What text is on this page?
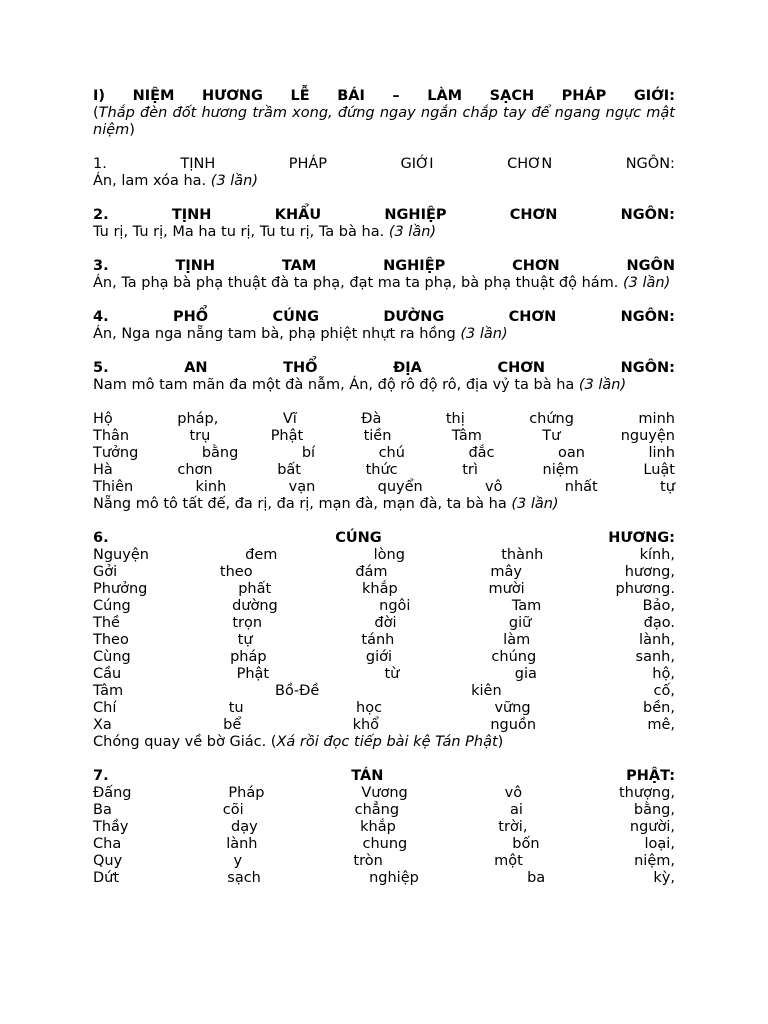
I) NIỆM HƯƠNG LỄ BÁI – LÀM SẠCH PHÁP GIỚI:
(Thắp đèn đốt hương trầm xong, đứng ngay ngắn chắp tay để ngang ngực mật niệm)
1.	TỊNH	PHÁP	GIỚI	CHƠN	NGÔN:
Án, lam xóa ha. (3 lần)
2.	TỊNH	KHẨU	NGHIỆP	CHƠN	NGÔN:
Tu rị, Tu rị, Ma ha tu rị, Tu tu rị, Ta bà ha. (3 lần)
3.	TỊNH	TAM	NGHIỆP	CHƠN	NGÔN
Án, Ta phạ bà phạ thuật đà ta phạ, đạt ma ta phạ, bà phạ thuật độ hám. (3 lần)
4.	PHỔ	CÚNG	DƯỜNG	CHƠN	NGÔN:
Án, Nga nga nẵng tam bà, phạ phiệt nhựt ra hồng (3 lần)
5.	AN	THỔ	ĐỊA	CHƠN	NGÔN:
Nam mô tam mãn đa một đà nẫm, Án, độ rô độ rô, địa vỷ ta bà ha (3 lần)
Hộ	pháp,	Vĩ	Đà	thị	chứng	minh
Thân	trụ	Phật	tiền	Tâm	Tư	nguyện
Tưởng	bằng	bí	chú	đắc	oan	linh
Hà	chơn	bất	thức	trì	niệm	Luật
Thiên	kinh	vạn	quyển	vô	nhất	tự
Nẵng mô tô tất đế, đa rị, đa rị, mạn đà, mạn đà, ta bà ha (3 lần)
6.	CÚNG	HƯƠNG:
Nguyện	đem	lòng	thành	kính,
Gởi	theo	đám	mây	hương,
Phưởng	phất	khắp	mười	phương.
Cúng	dường	ngôi	Tam	Bảo,
Thề	trọn	đời	giữ	đạo.
Theo	tự	tánh	làm	lành,
Cùng	pháp	giới	chúng	sanh,
Cầu	Phật	từ	gia	hộ,
Tâm	Bồ-Đề	kiên	cố,
Chí	tu	học	vững	bền,
Xa	bể	khổ	nguồn	mê,
Chóng quay về bờ Giác. (Xá rồi đọc tiếp bài kệ Tán Phật)
7.	TÁN	PHẬT:
Đấng	Pháp	Vương	vô	thượng,
Ba	cõi	chẳng	ai	bằng,
Thầy	dạy	khắp	trời,	người,
Cha	lành	chung	bốn	loại,
Quy	y	tròn	một	niệm,
Dứt	sạch	nghiệp	ba	kỳ,
